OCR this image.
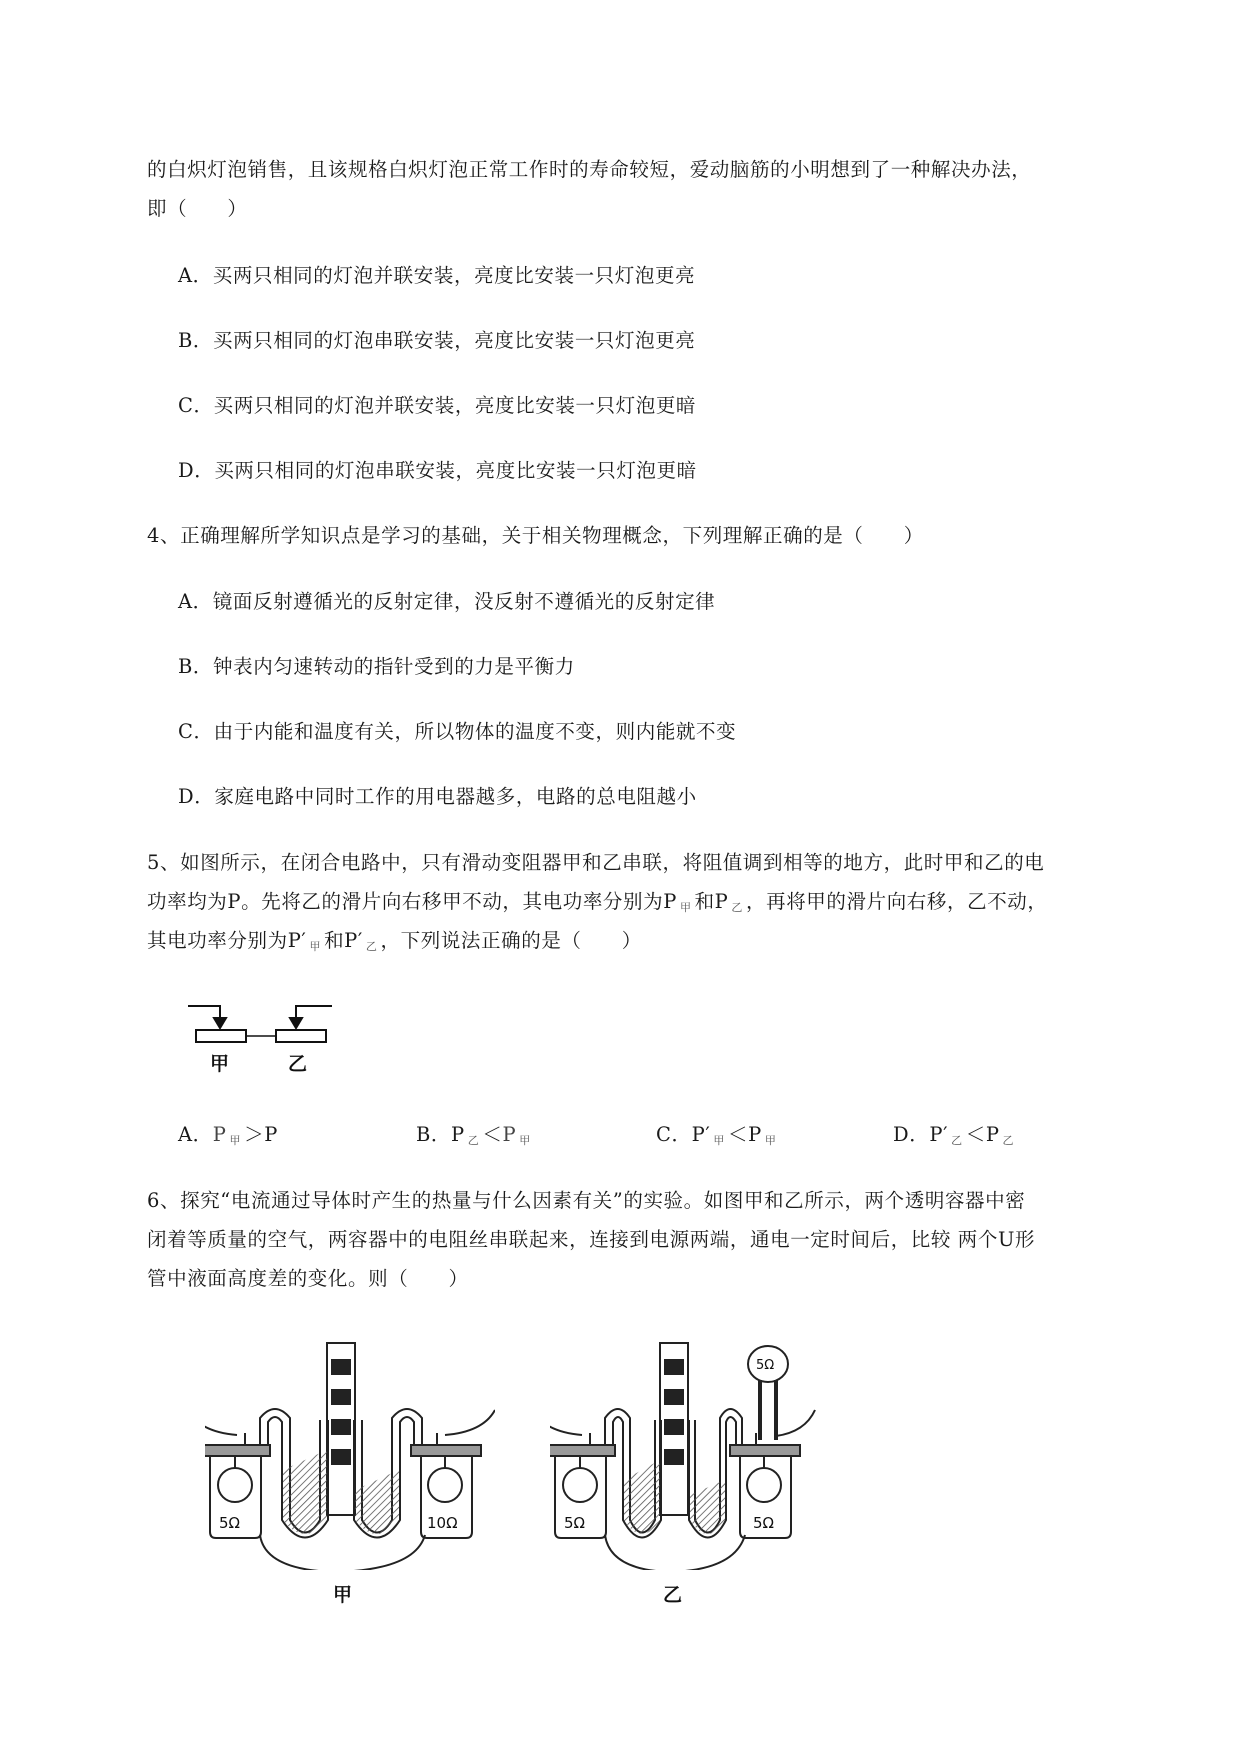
的白炽灯泡销售，且该规格白炽灯泡正常工作时的寿命较短，爱动脑筋的小明想到了一种解决办法，
即（　　）
A．买两只相同的灯泡并联安装，亮度比安装一只灯泡更亮
B．买两只相同的灯泡串联安装，亮度比安装一只灯泡更亮
C．买两只相同的灯泡并联安装，亮度比安装一只灯泡更暗
D．买两只相同的灯泡串联安装，亮度比安装一只灯泡更暗
4、正确理解所学知识点是学习的基础，关于相关物理概念，下列理解正确的是（　　）
A．镜面反射遵循光的反射定律，没反射不遵循光的反射定律
B．钟表内匀速转动的指针受到的力是平衡力
C．由于内能和温度有关，所以物体的温度不变，则内能就不变
D．家庭电路中同时工作的用电器越多，电路的总电阻越小
5、如图所示，在闭合电路中，只有滑动变阻器甲和乙串联，将阻值调到相等的地方，此时甲和乙的电
功率均为P。先将乙的滑片向右移甲不动，其电功率分别为P $_甲$ 和P $_乙$ ，再将甲的滑片向右移，乙不动，
其电功率分别为P′ $_甲$ 和P′ $_乙$ ，下列说法正确的是（　　）
甲	乙
A．P $_甲$ ＞P	B．P $_乙$ ＜P $_甲$	C．P′ $_甲$ ＜P $_甲$	D．P′ $_乙$ ＜P $_乙$
6、探究“电流通过导体时产生的热量与什么因素有关”的实验。如图甲和乙所示，两个透明容器中密
闭着等质量的空气，两容器中的电阻丝串联起来，连接到电源两端，通电一定时间后，比较 两个U形
管中液面高度差的变化。则（　　）
5Ω	10Ω
甲
5Ω	5Ω
5Ω
乙
